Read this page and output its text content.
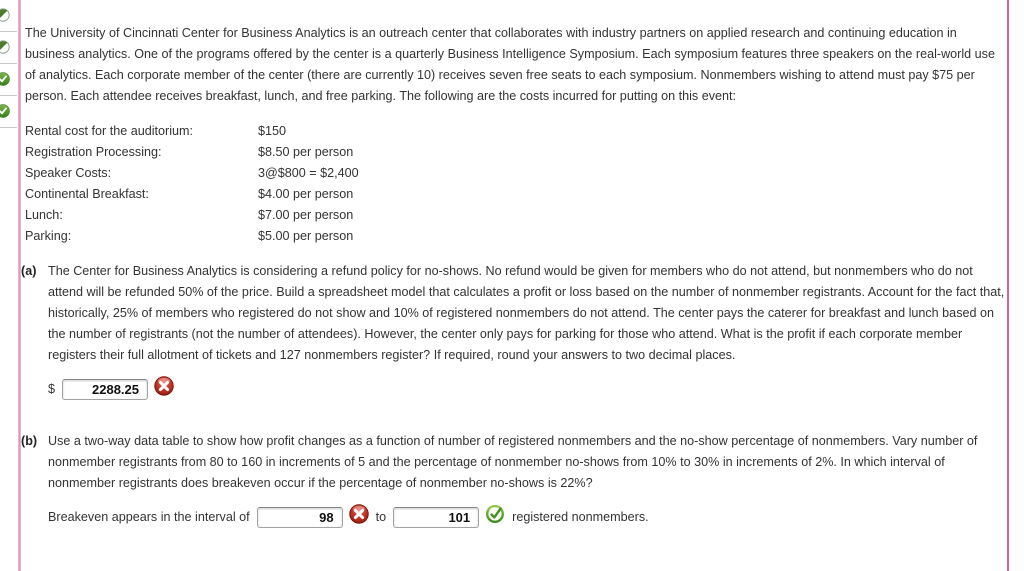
The University of Cincinnati Center for Business Analytics is an outreach center that collaborates with industry partners on applied research and continuing education in business analytics. One of the programs offered by the center is a quarterly Business Intelligence Symposium. Each symposium features three speakers on the real-world use of analytics. Each corporate member of the center (there are currently 10) receives seven free seats to each symposium. Nonmembers wishing to attend must pay $75 per person. Each attendee receives breakfast, lunch, and free parking. The following are the costs incurred for putting on this event:

Rental cost for the auditorium:	$150
Registration Processing:	$8.50 per person
Speaker Costs:	3@$800 = $2,400
Continental Breakfast:	$4.00 per person
Lunch:	$7.00 per person
Parking:	$5.00 per person
(a) The Center for Business Analytics is considering a refund policy for no-shows. No refund would be given for members who do not attend, but nonmembers who do not attend will be refunded 50% of the price. Build a spreadsheet model that calculates a profit or loss based on the number of nonmember registrants. Account for the fact that, historically, 25% of members who registered do not show and 10% of registered nonmembers do not attend. The center pays the caterer for breakfast and lunch based on the number of registrants (not the number of attendees). However, the center only pays for parking for those who attend. What is the profit if each corporate member registers their full allotment of tickets and 127 nonmembers register? If required, round your answers to two decimal places.
$
2288.25
(b) Use a two-way data table to show how profit changes as a function of number of registered nonmembers and the no-show percentage of nonmembers. Vary number of nonmember registrants from 80 to 160 in increments of 5 and the percentage of nonmember no-shows from 10% to 30% in increments of 2%. In which interval of nonmember registrants does breakeven occur if the percentage of nonmember no-shows is 22%?
Breakeven appears in the interval of
98	to
101	registered nonmembers.
